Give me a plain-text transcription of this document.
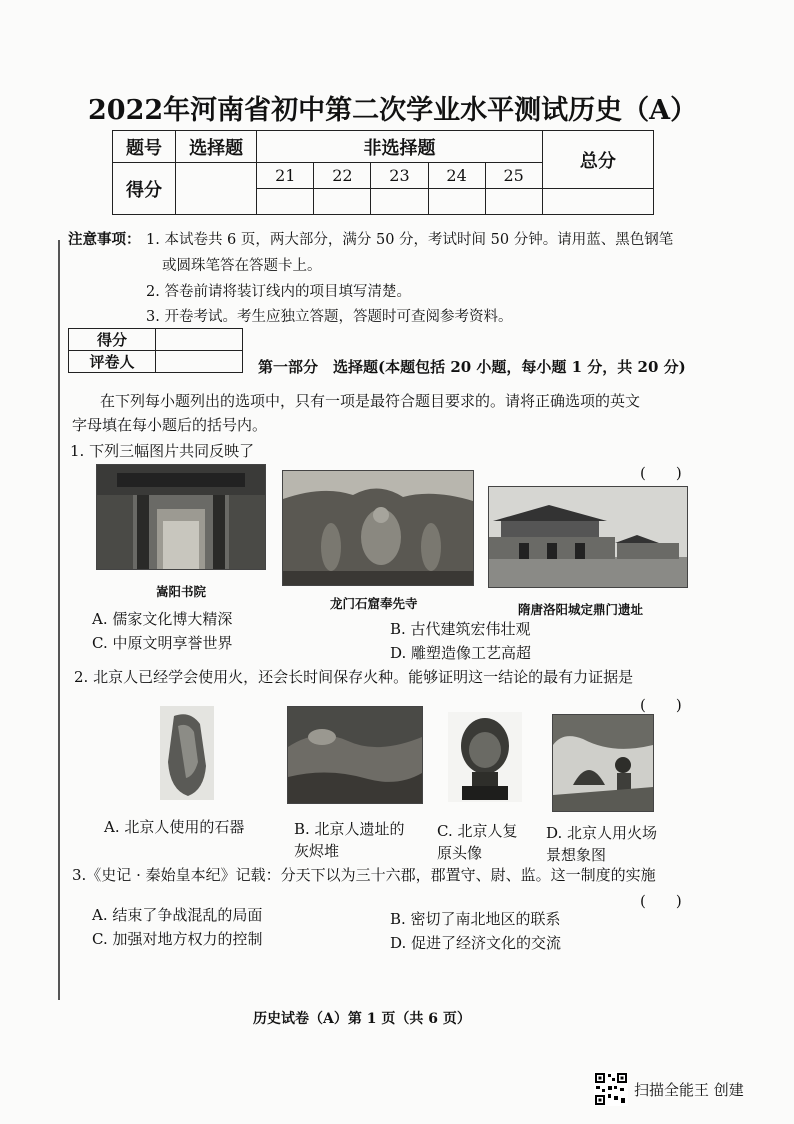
2022年河南省初中第二次学业水平测试历史（A）
题号	选择题	非选择题					总分
得分		21	22	23	24	25	

注意事项： 1. 本试卷共 6 页，两大部分，满分 50 分，考试时间 50 分钟。请用蓝、黑色钢笔
或圆珠笔答在答题卡上。
2. 答卷前请将装订线内的项目填写清楚。
3. 开卷考试。考生应独立答题，答题时可查阅参考资料。
得分	
评卷人		第一部分　选择题(本题包括 20 小题，每小题 1 分，共 20 分)
在下列每小题列出的选项中，只有一项是最符合题目要求的。请将正确选项的英文
字母填在每小题后的括号内。
1. 下列三幅图片共同反映了
(　　)
嵩阳书院
龙门石窟奉先寺	隋唐洛阳城定鼎门遗址
A. 儒家文化博大精深
B. 古代建筑宏伟壮观
C. 中原文明享誉世界
D. 雕塑造像工艺高超
2. 北京人已经学会使用火，还会长时间保存火种。能够证明这一结论的最有力证据是
(　　)
A. 北京人使用的石器	B. 北京人遗址的
灰烬堆
C. 北京人复
原头像
D. 北京人用火场
景想象图
3.《史记 · 秦始皇本纪》记载：分天下以为三十六郡，郡置守、尉、监。这一制度的实施
(　　)
A. 结束了争战混乱的局面	B. 密切了南北地区的联系
C. 加强对地方权力的控制	D. 促进了经济文化的交流
历史试卷（A）第 1 页（共 6 页）
扫描全能王 创建
